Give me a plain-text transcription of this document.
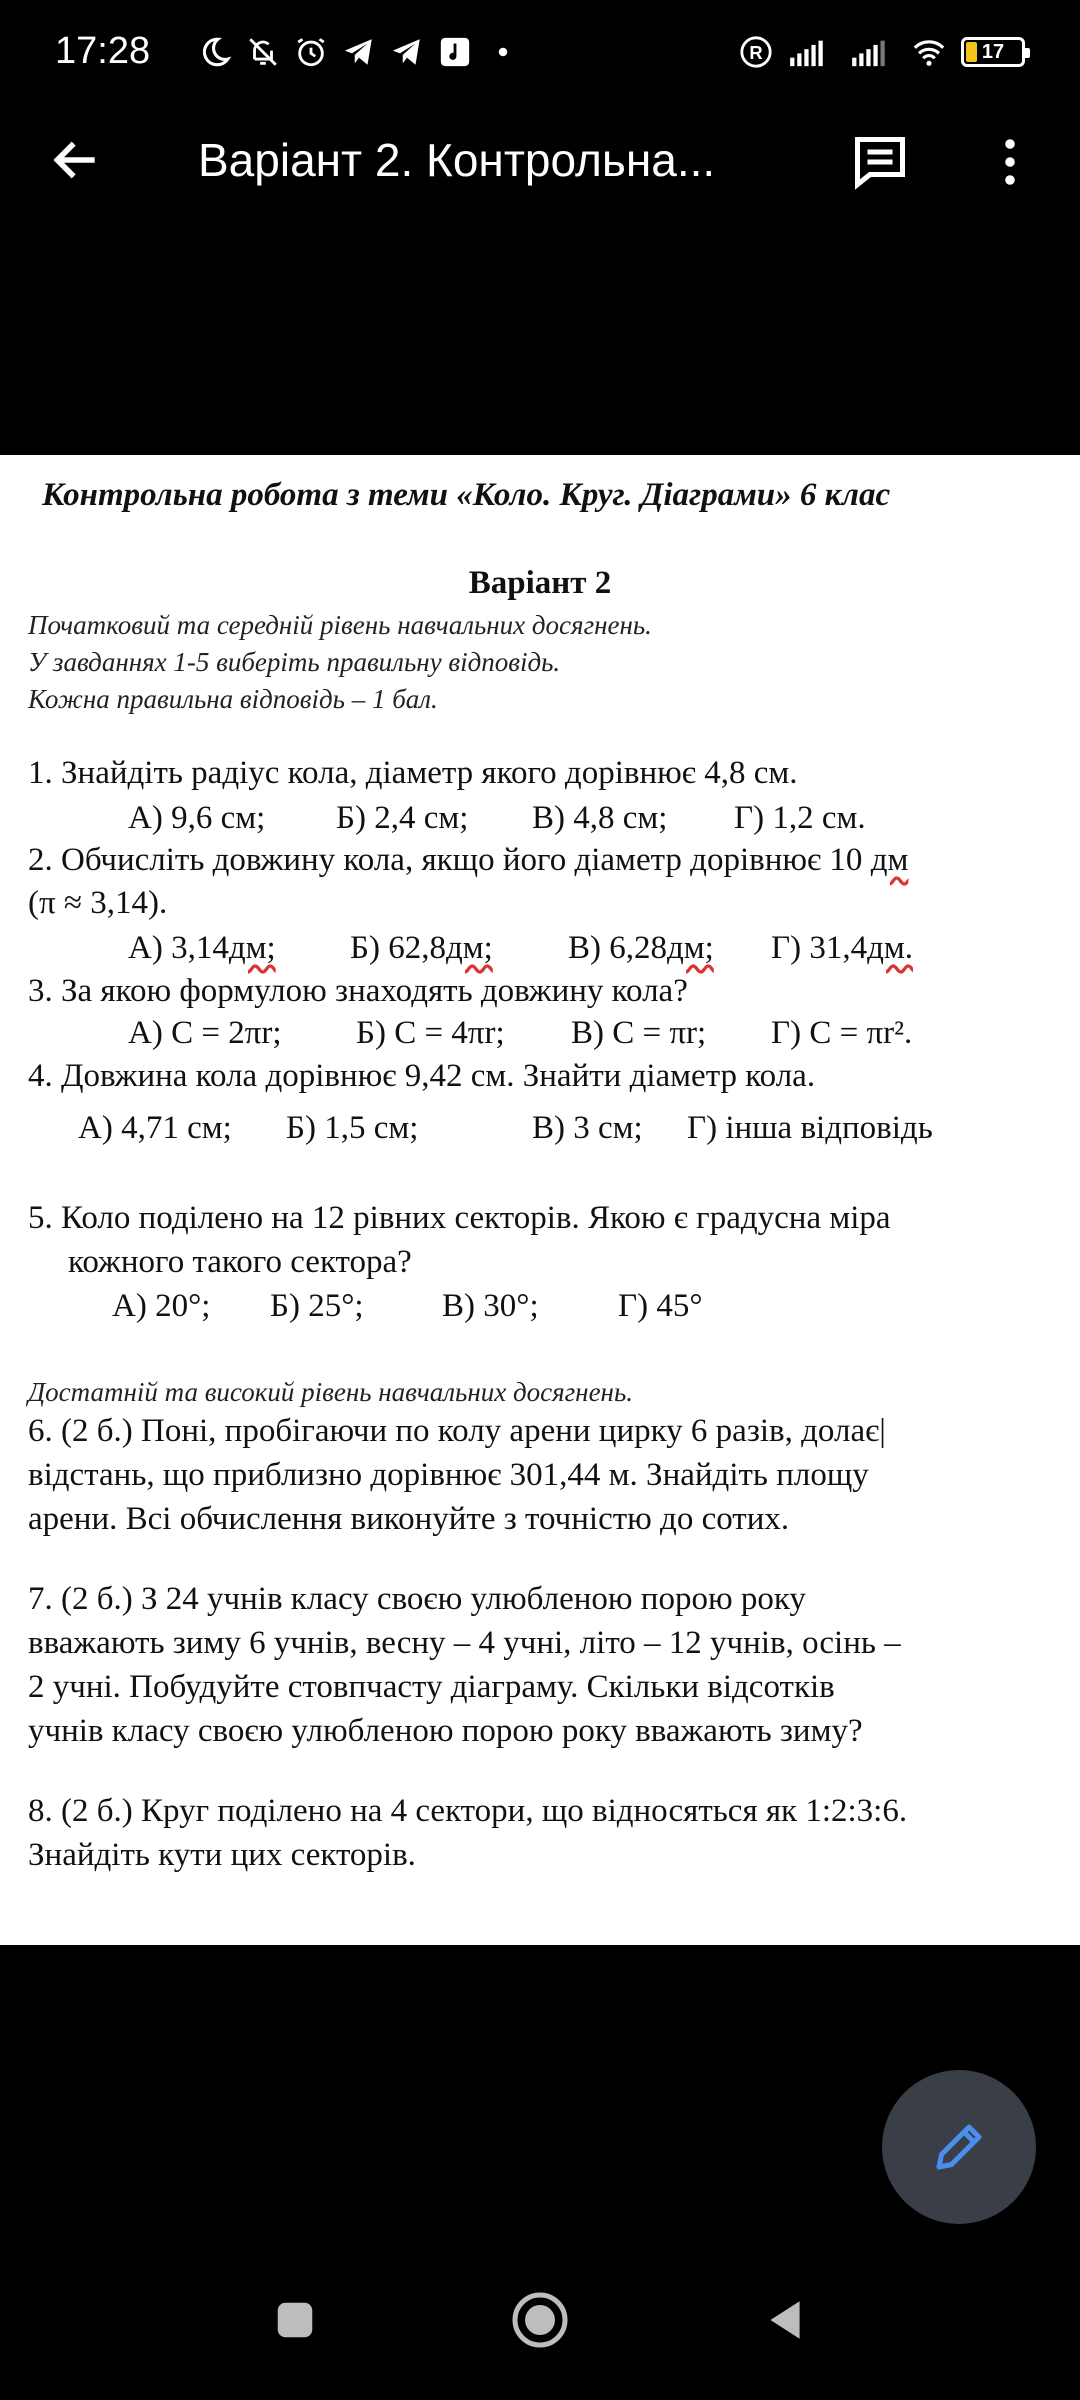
17:28	R	17
Варіант 2. Контрольна...
Контрольна робота з теми «Коло. Круг. Діаграми» 6 клас
Варіант 2
Початковий та середній рівень навчальних досягнень.
У завданнях 1-5 виберіть правильну відповідь.
Кожна правильна відповідь – 1 бал.
1. Знайдіть радіус кола, діаметр якого дорівнює 4,8 см.
А) 9,6 см; Б) 2,4 см; В) 4,8 см; Г) 1,2 см.
2. Обчисліть довжину кола, якщо його діаметр дорівнює 10 дм
(π ≈ 3,14).
А) 3,14дм; Б) 62,8дм; В) 6,28дм; Г) 31,4дм.
3. За якою формулою знаходять довжину кола?
А) С = 2πr; Б) С = 4πr; В) С = πr; Г) С = πr².
4. Довжина кола дорівнює 9,42 см. Знайти діаметр кола.
А) 4,71 см; Б) 1,5 см;	В) 3 см; Г) інша відповідь
5. Коло поділено на 12 рівних секторів. Якою є градусна міра
кожного такого сектора?
А) 20°; Б) 25°; В) 30°; Г) 45°
Достатній та високий рівень навчальних досягнень.
6. (2 б.) Поні, пробігаючи по колу арени цирку 6 разів, долає|
відстань, що приблизно дорівнює 301,44 м. Знайдіть площу
арени. Всі обчислення виконуйте з точністю до сотих.
7. (2 б.) З 24 учнів класу своєю улюбленою порою року
вважають зиму 6 учнів, весну – 4 учні, літо – 12 учнів, осінь –
2 учні. Побудуйте стовпчасту діаграму. Скільки відсотків
учнів класу своєю улюбленою порою року вважають зиму?
8. (2 б.) Круг поділено на 4 сектори, що відносяться як 1:2:3:6.
Знайдіть кути цих секторів.
